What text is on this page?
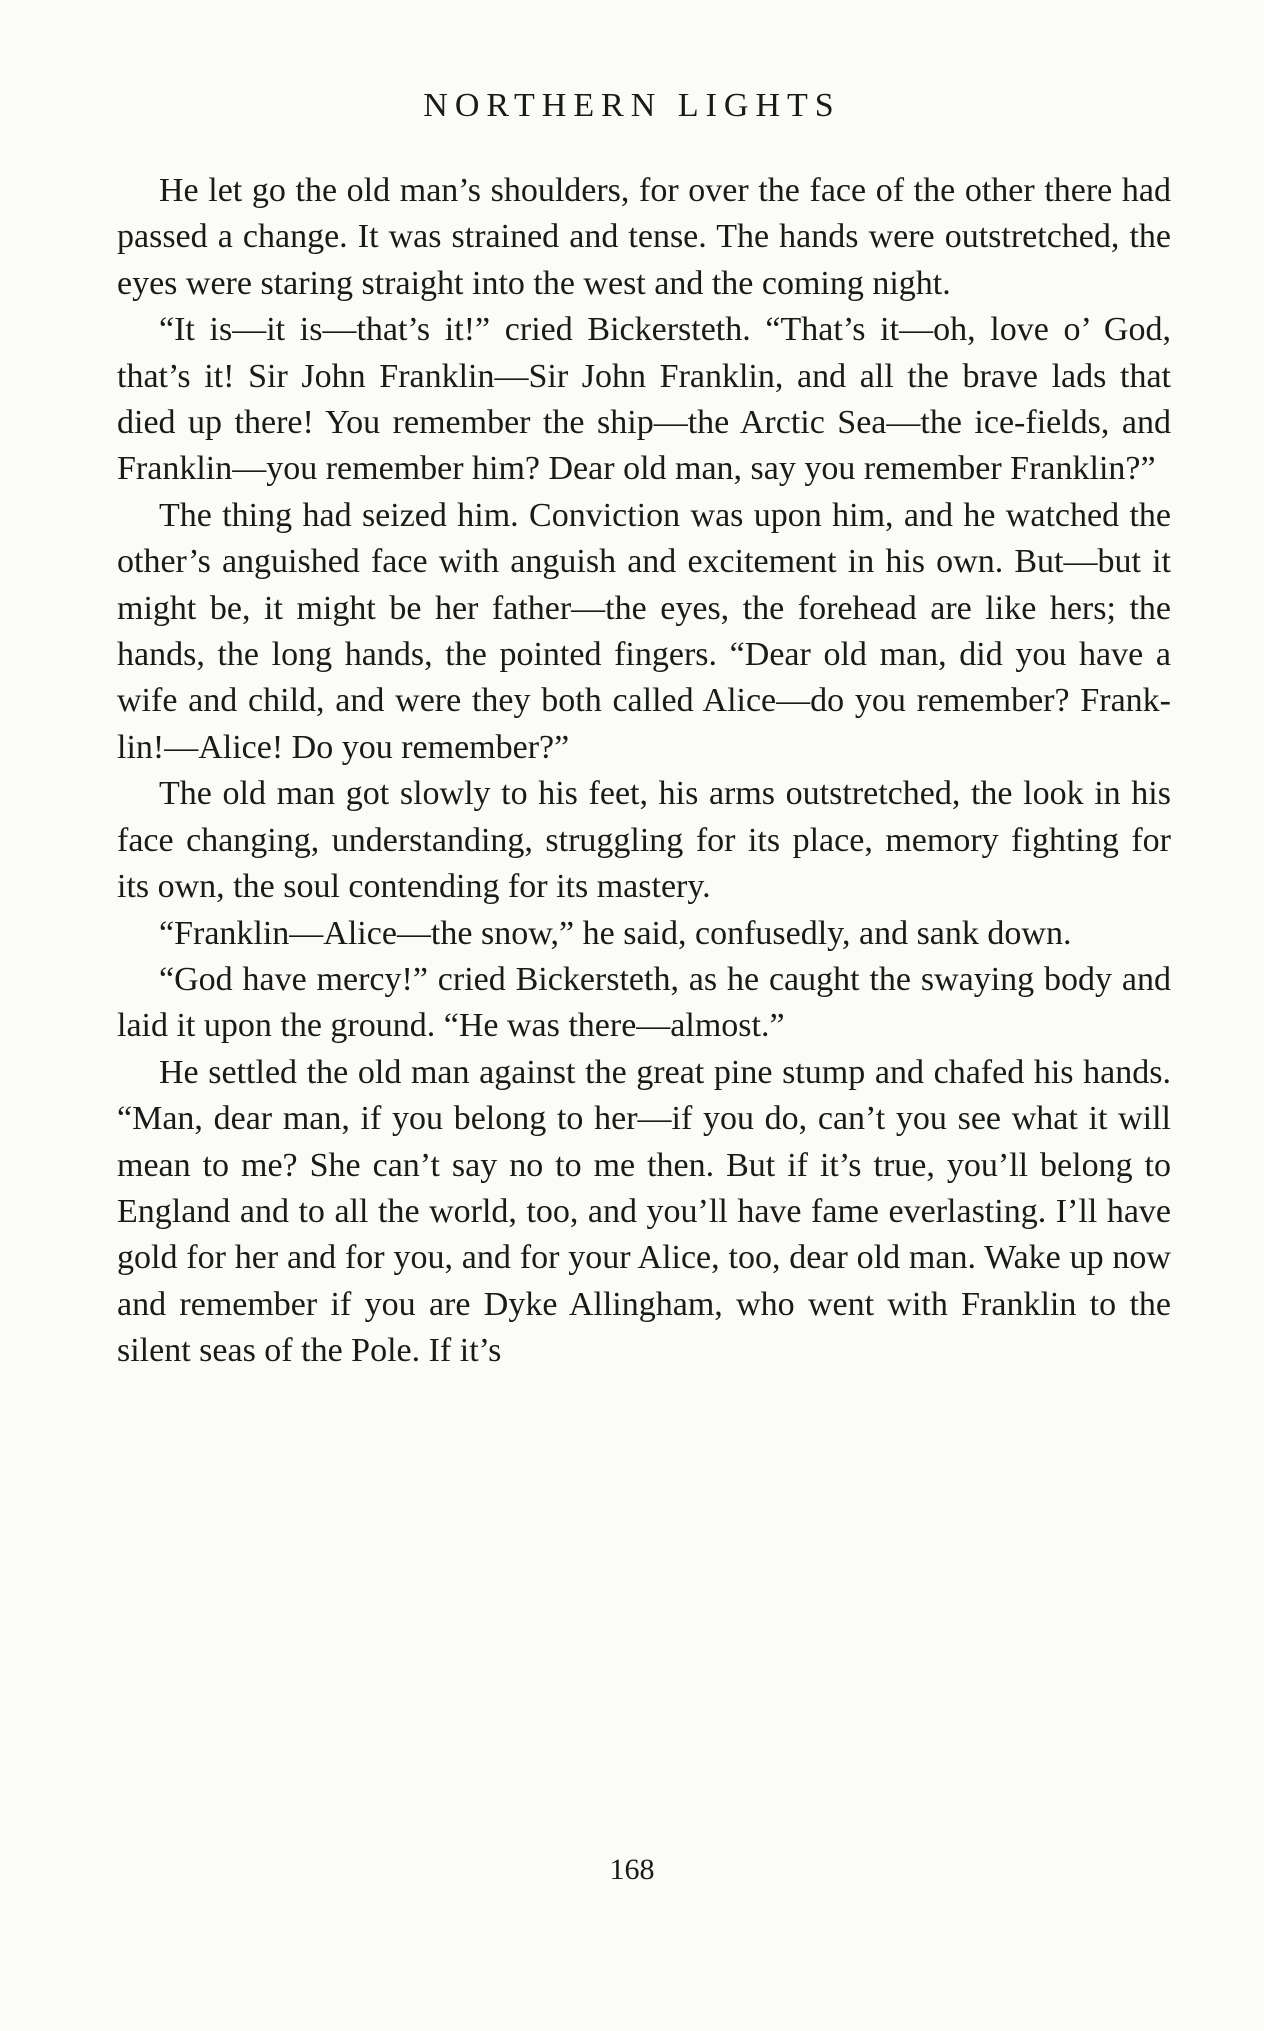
NORTHERN LIGHTS

He let go the old man’s shoulders, for over the face of the other there had passed a change. It was strained and tense. The hands were outstretched, the eyes were staring straight into the west and the coming night.

“It is—it is—that’s it!” cried Bickersteth. “That’s it—oh, love o’ God, that’s it! Sir John Franklin—Sir John Franklin, and all the brave lads that died up there! You remember the ship—the Arctic Sea—the ice-fields, and Franklin—you remember him? Dear old man, say you remember Franklin?”

The thing had seized him. Conviction was upon him, and he watched the other’s anguished face with anguish and excitement in his own. But—but it might be, it might be her father—the eyes, the forehead are like hers; the hands, the long hands, the pointed fingers. “Dear old man, did you have a wife and child, and were they both called Alice—do you remember? Franklin!—Alice! Do you remember?”

The old man got slowly to his feet, his arms outstretched, the look in his face changing, understanding, struggling for its place, memory fighting for its own, the soul contending for its mastery.

“Franklin—Alice—the snow,” he said, confusedly, and sank down.

“God have mercy!” cried Bickersteth, as he caught the swaying body and laid it upon the ground. “He was there—almost.”

He settled the old man against the great pine stump and chafed his hands. “Man, dear man, if you belong to her—if you do, can’t you see what it will mean to me? She can’t say no to me then. But if it’s true, you’ll belong to England and to all the world, too, and you’ll have fame everlasting. I’ll have gold for her and for you, and for your Alice, too, dear old man. Wake up now and remember if you are Dyke Allingham, who went with Franklin to the silent seas of the Pole. If it’s

168
